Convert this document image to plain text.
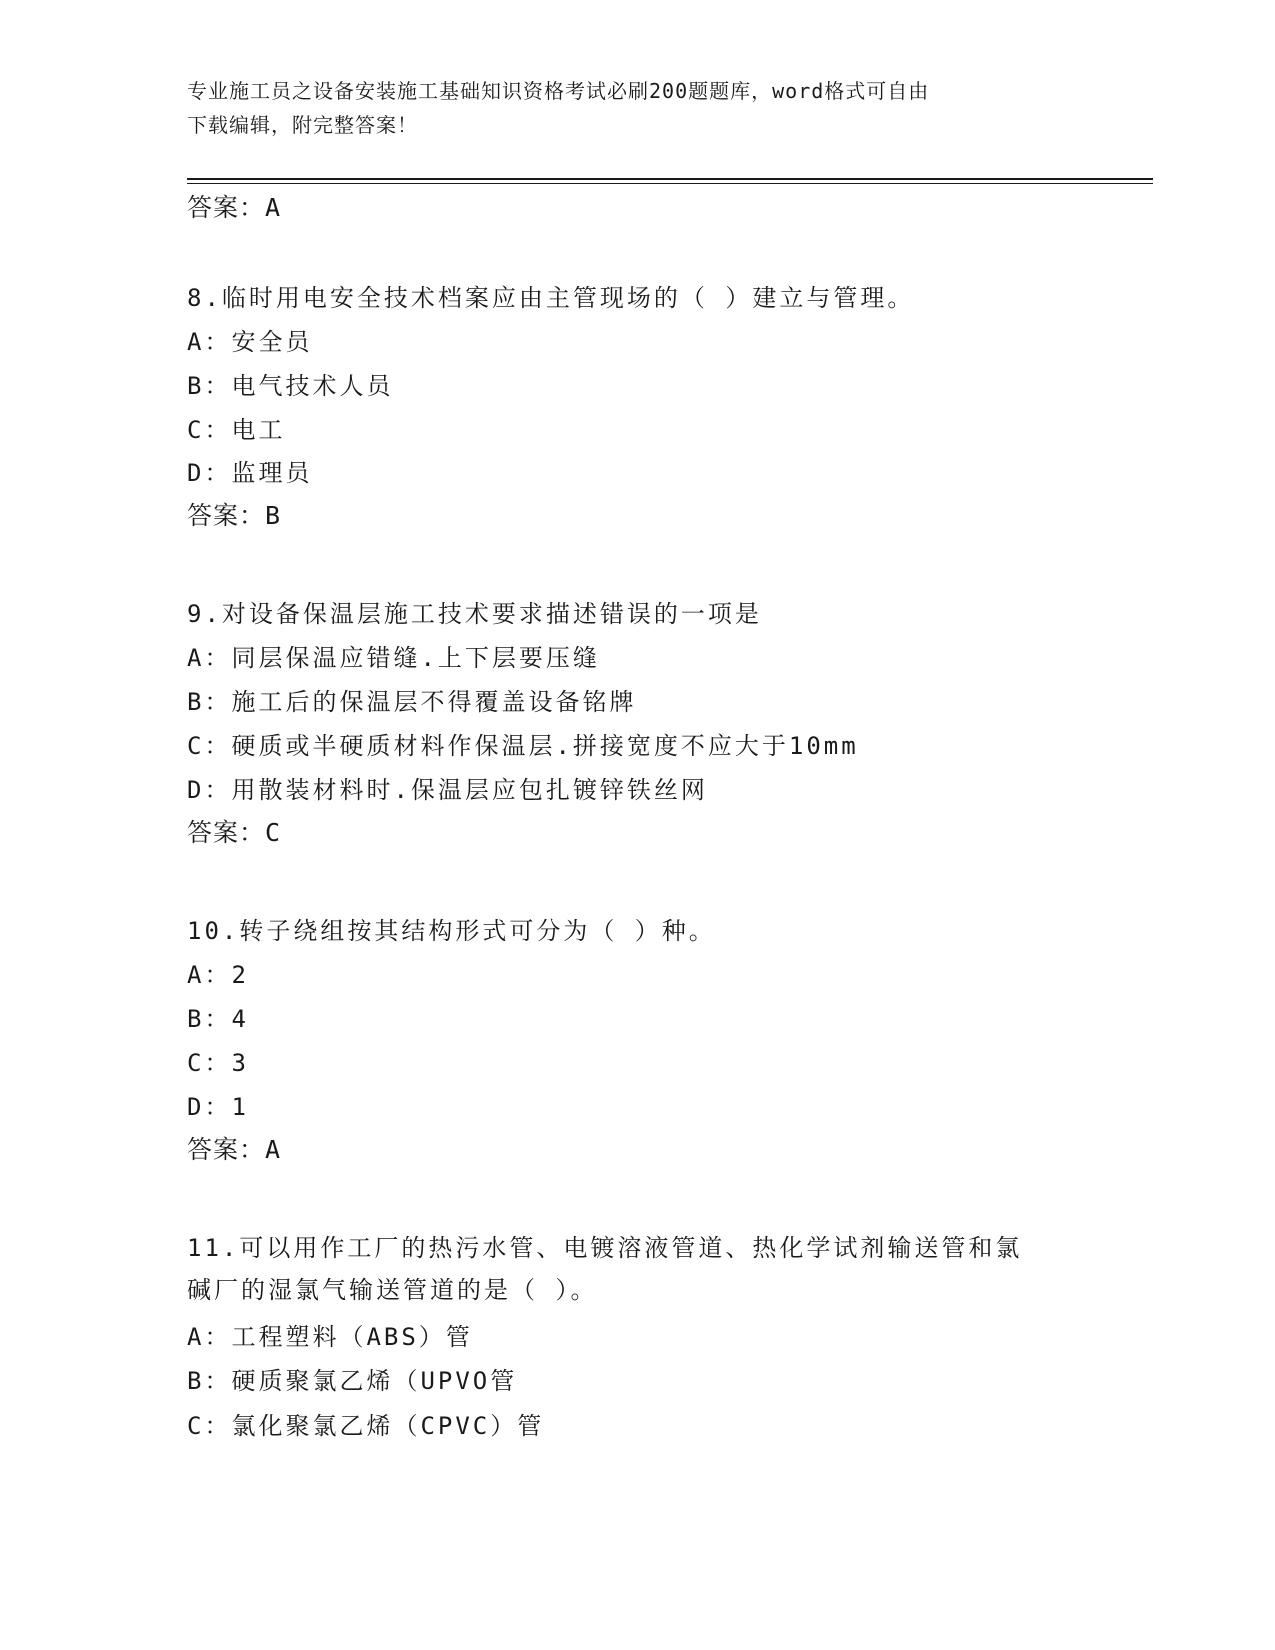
专业施工员之设备安装施工基础知识资格考试必刷200题题库，word格式可自由
下载编辑，附完整答案！
答案：A
8.临时用电安全技术档案应由主管现场的（ ）建立与管理。
A：安全员
B：电气技术人员
C：电工
D：监理员
答案：B
9.对设备保温层施工技术要求描述错误的一项是
A：同层保温应错缝.上下层要压缝
B：施工后的保温层不得覆盖设备铭牌
C：硬质或半硬质材料作保温层.拼接宽度不应大于10mm
D：用散装材料时.保温层应包扎镀锌铁丝网
答案：C
10.转子绕组按其结构形式可分为（ ）种。
A：2
B：4
C：3
D：1
答案：A
11.可以用作工厂的热污水管、电镀溶液管道、热化学试剂输送管和氯
碱厂的湿氯气输送管道的是（ ）。
A：工程塑料（ABS）管
B：硬质聚氯乙烯（UPVO管
C：氯化聚氯乙烯（CPVC）管
